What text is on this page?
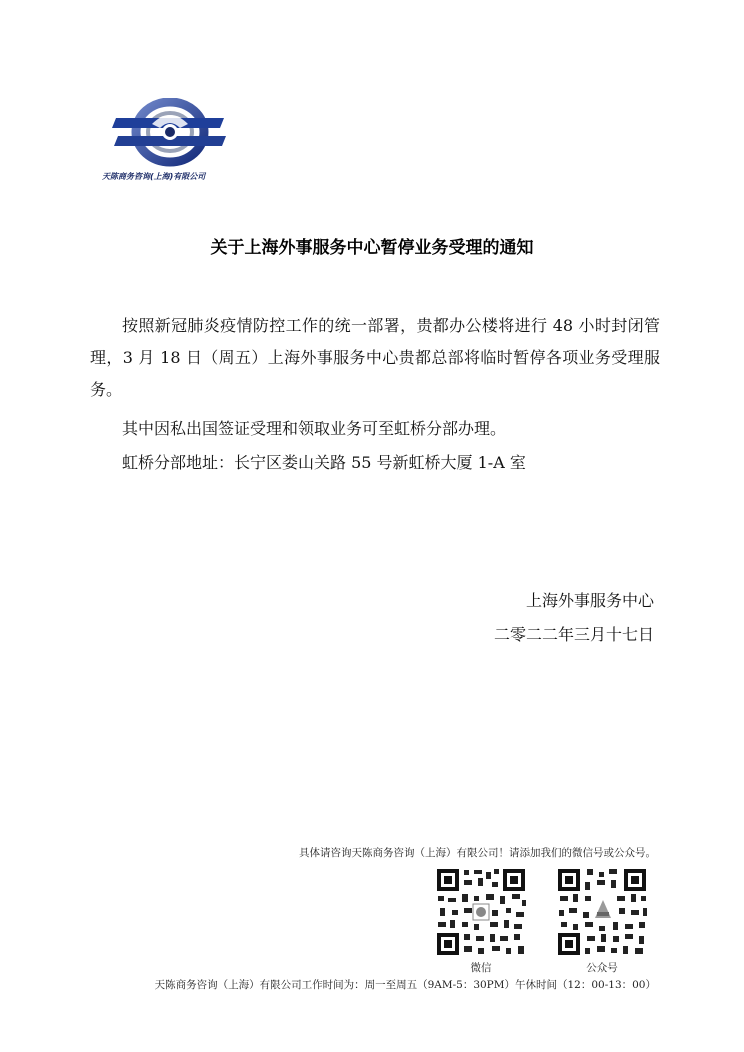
天陈商务咨询(上海)有限公司
关于上海外事服务中心暂停业务受理的通知

按照新冠肺炎疫情防控工作的统一部署，贵都办公楼将进行 48 小时封闭管理，3 月 18 日（周五）上海外事服务中心贵都总部将临时暂停各项业务受理服务。

其中因私出国签证受理和领取业务可至虹桥分部办理。

虹桥分部地址：长宁区娄山关路 55 号新虹桥大厦 1-A 室

上海外事服务中心
二零二二年三月十七日
具体请咨询天陈商务咨询（上海）有限公司！请添加我们的微信号或公众号。
微信	公众号
天陈商务咨询（上海）有限公司工作时间为：周一至周五（9AM-5：30PM）午休时间（12：00-13：00）
